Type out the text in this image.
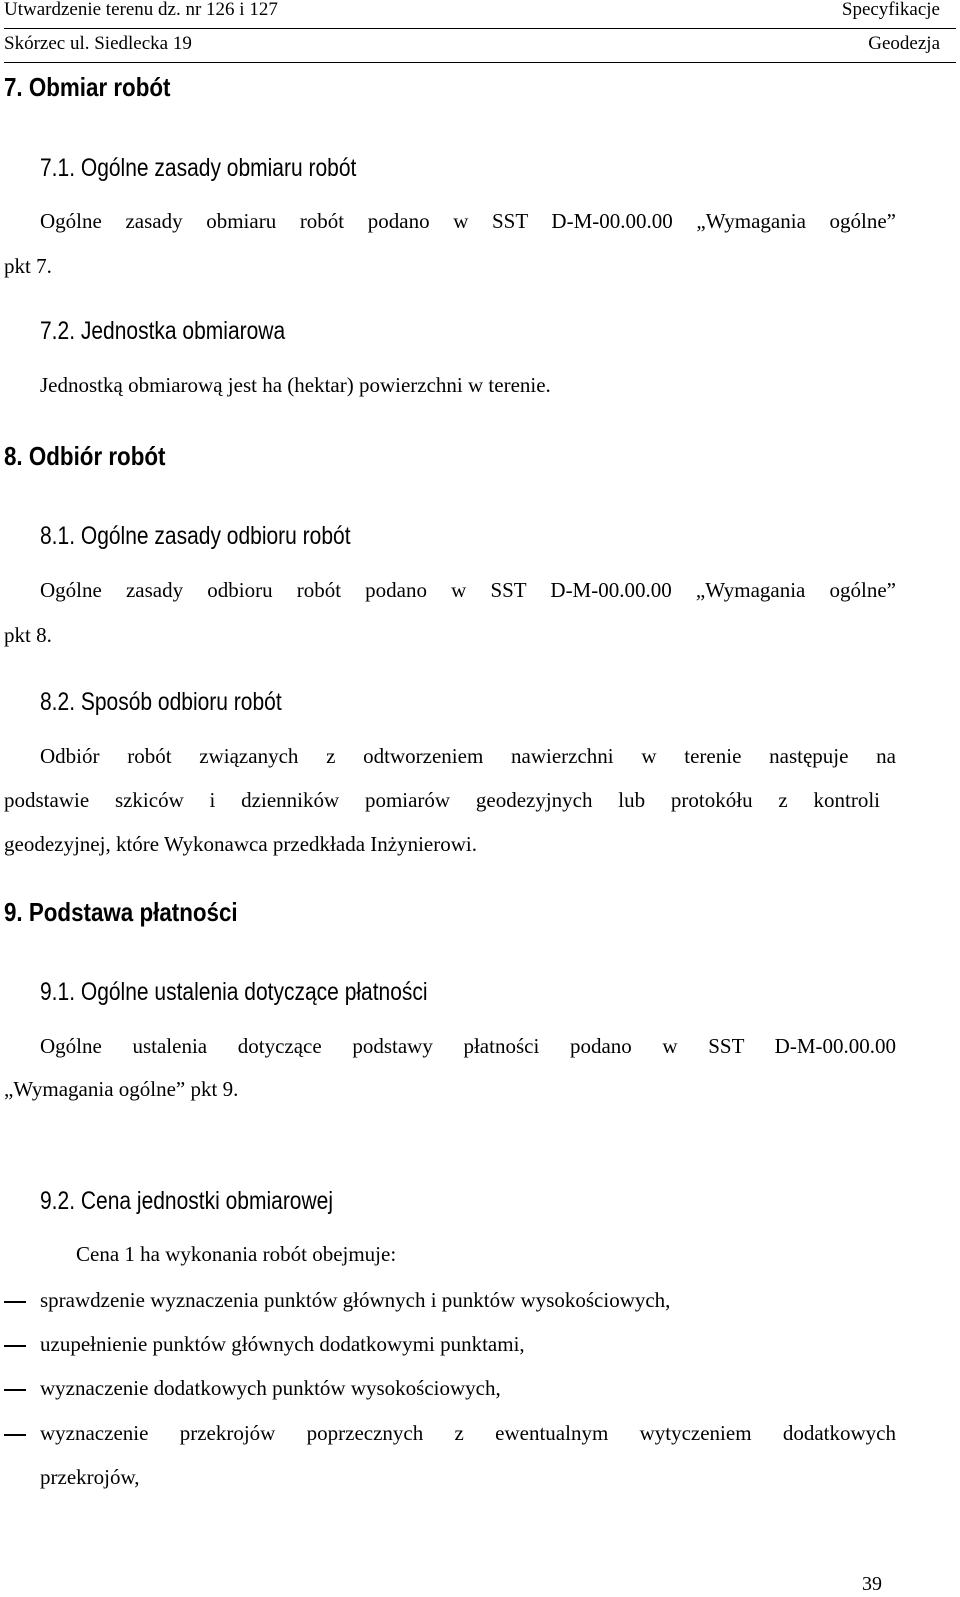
Utwardzenie terenu dz. nr 126 i 127	Specyfikacje
Skórzec ul. Siedlecka 19	Geodezja
7. Obmiar robót
7.1. Ogólne zasady obmiaru robót
Ogólne zasady obmiaru robót podano w SST D-M-00.00.00 „Wymagania ogólne”
pkt 7.
7.2. Jednostka obmiarowa
Jednostką obmiarową jest ha (hektar) powierzchni w terenie.
8. Odbiór robót
8.1. Ogólne zasady odbioru robót
Ogólne zasady odbioru robót podano w SST D-M-00.00.00 „Wymagania ogólne”
pkt 8.
8.2. Sposób odbioru robót
Odbiór robót związanych z odtworzeniem nawierzchni w terenie następuje na
podstawie szkiców i dzienników pomiarów geodezyjnych lub protokółu z kontroli
geodezyjnej, które Wykonawca przedkłada Inżynierowi.
9. Podstawa płatności
9.1. Ogólne ustalenia dotyczące płatności
Ogólne ustalenia dotyczące podstawy płatności podano w SST D-M-00.00.00
„Wymagania ogólne” pkt 9.
9.2. Cena jednostki obmiarowej
Cena 1 ha wykonania robót obejmuje:
sprawdzenie wyznaczenia punktów głównych i punktów wysokościowych,
uzupełnienie punktów głównych dodatkowymi punktami,
wyznaczenie dodatkowych punktów wysokościowych,
wyznaczenie przekrojów poprzecznych z ewentualnym wytyczeniem dodatkowych
przekrojów,
39
